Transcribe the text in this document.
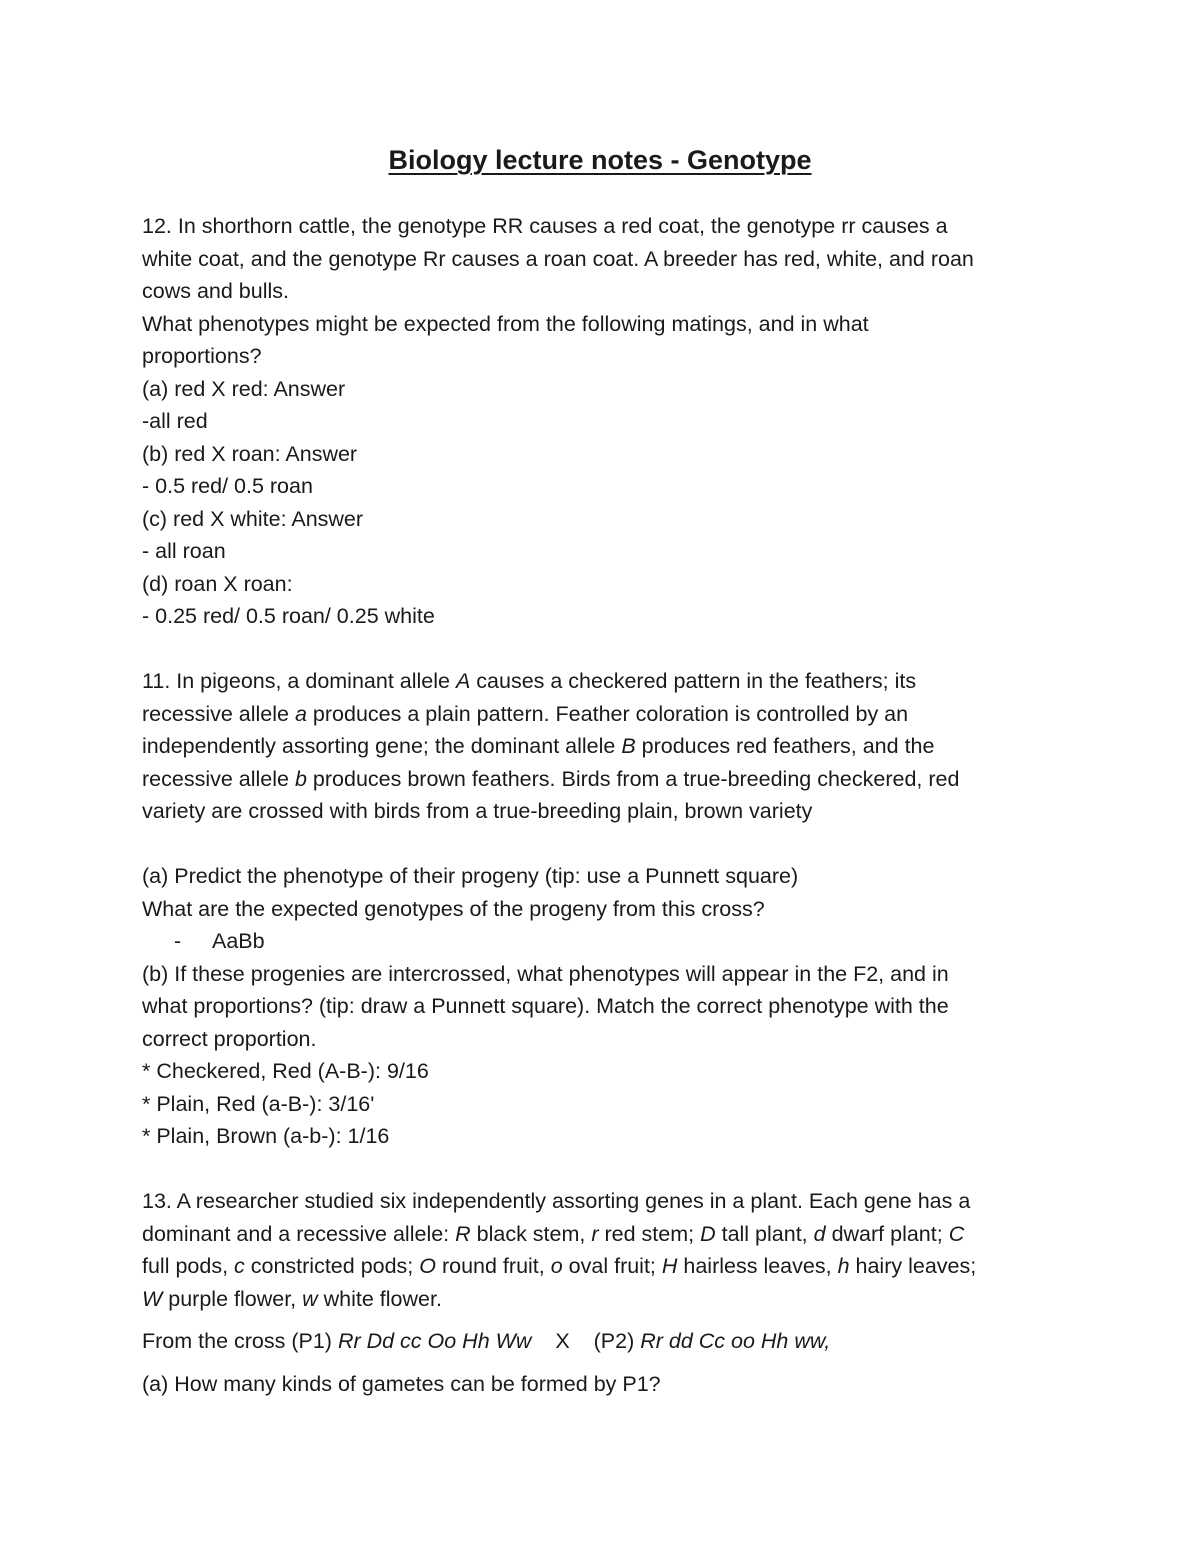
Biology lecture notes - Genotype
12. In shorthorn cattle, the genotype RR causes a red coat, the genotype rr causes a
white coat, and the genotype Rr causes a roan coat. A breeder has red, white, and roan
cows and bulls.
What phenotypes might be expected from the following matings, and in what
proportions?
(a) red X red: Answer
-all red
(b) red X roan: Answer
- 0.5 red/ 0.5 roan
(c) red X white: Answer
- all roan
(d) roan X roan:
- 0.25 red/ 0.5 roan/ 0.25 white
11. In pigeons, a dominant allele A causes a checkered pattern in the feathers; its
recessive allele a produces a plain pattern. Feather coloration is controlled by an
independently assorting gene; the dominant allele B produces red feathers, and the
recessive allele b produces brown feathers. Birds from a true-breeding checkered, red
variety are crossed with birds from a true-breeding plain, brown variety
(a) Predict the phenotype of their progeny (tip: use a Punnett square)
What are the expected genotypes of the progeny from this cross?
- AaBb
(b) If these progenies are intercrossed, what phenotypes will appear in the F2, and in
what proportions? (tip: draw a Punnett square). Match the correct phenotype with the
correct proportion.
* Checkered, Red (A-B-): 9/16
* Plain, Red (a-B-): 3/16'
* Plain, Brown (a-b-): 1/16
13. A researcher studied six independently assorting genes in a plant. Each gene has a
dominant and a recessive allele: R black stem, r red stem; D tall plant, d dwarf plant; C
full pods, c constricted pods; O round fruit, o oval fruit; H hairless leaves, h hairy leaves;
W purple flower, w white flower.
From the cross (P1) Rr Dd cc Oo Hh Ww    X    (P2) Rr dd Cc oo Hh ww,
(a) How many kinds of gametes can be formed by P1?
